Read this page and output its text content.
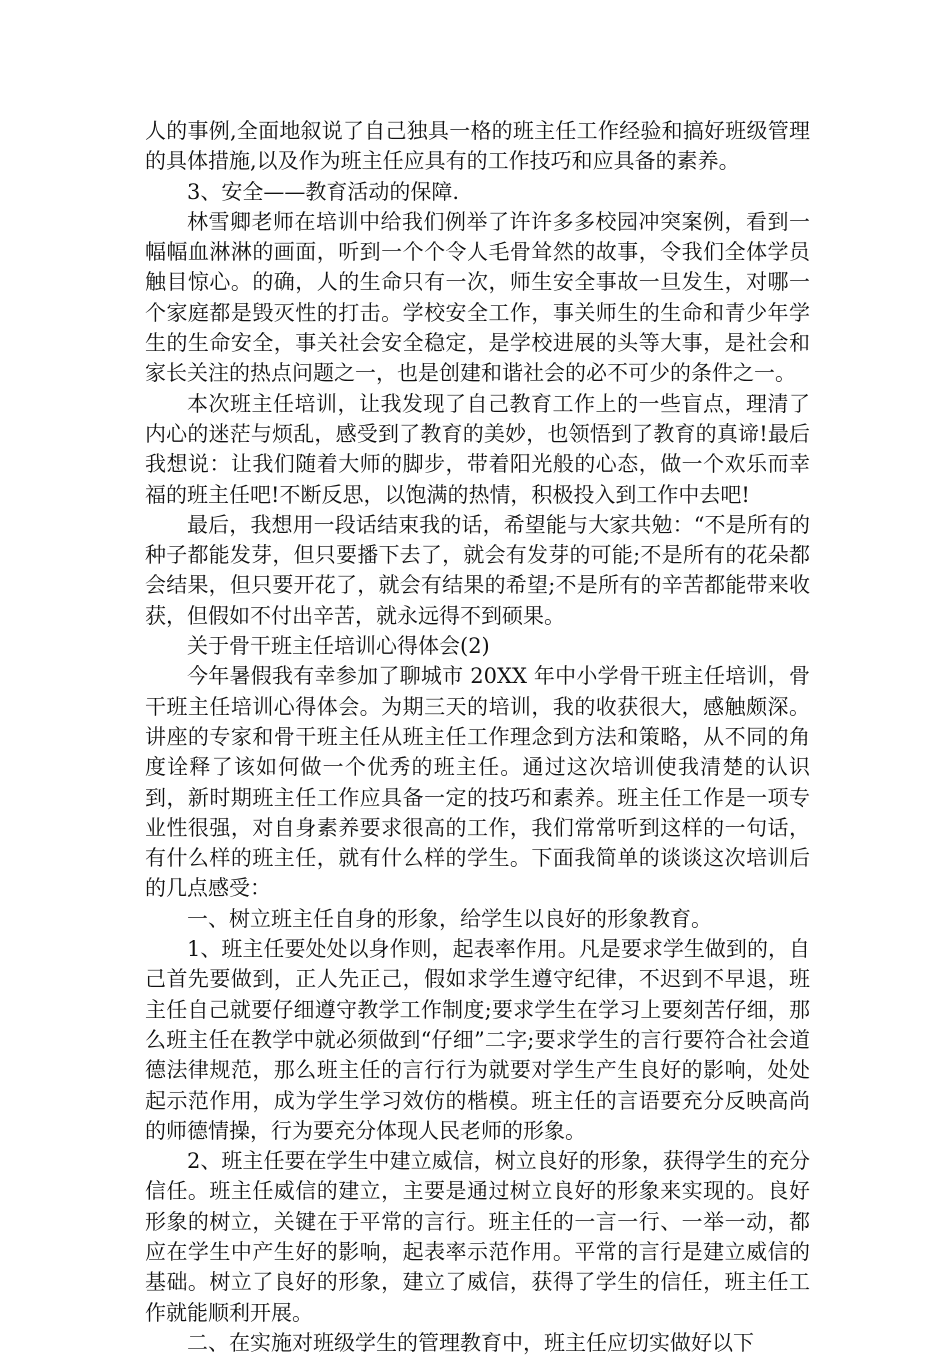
人的事例,全面地叙说了自己独具一格的班主任工作经验和搞好班级管理的具体措施,以及作为班主任应具有的工作技巧和应具备的素养。

3、安全——教育活动的保障.

林雪卿老师在培训中给我们例举了许许多多校园冲突案例，看到一幅幅血淋淋的画面，听到一个个令人毛骨耸然的故事，令我们全体学员触目惊心。的确，人的生命只有一次，师生安全事故一旦发生，对哪一个家庭都是毁灭性的打击。学校安全工作，事关师生的生命和青少年学生的生命安全，事关社会安全稳定，是学校进展的头等大事，是社会和家长关注的热点问题之一，也是创建和谐社会的必不可少的条件之一。

本次班主任培训，让我发现了自己教育工作上的一些盲点，理清了内心的迷茫与烦乱，感受到了教育的美妙，也领悟到了教育的真谛!最后我想说：让我们随着大师的脚步，带着阳光般的心态，做一个欢乐而幸福的班主任吧!不断反思，以饱满的热情，积极投入到工作中去吧!

最后，我想用一段话结束我的话，希望能与大家共勉：“不是所有的种子都能发芽，但只要播下去了，就会有发芽的可能;不是所有的花朵都会结果，但只要开花了，就会有结果的希望;不是所有的辛苦都能带来收获，但假如不付出辛苦，就永远得不到硕果。

关于骨干班主任培训心得体会(2)

今年暑假我有幸参加了聊城市 20XX 年中小学骨干班主任培训，骨干班主任培训心得体会。为期三天的培训，我的收获很大，感触颇深。讲座的专家和骨干班主任从班主任工作理念到方法和策略，从不同的角度诠释了该如何做一个优秀的班主任。通过这次培训使我清楚的认识到，新时期班主任工作应具备一定的技巧和素养。班主任工作是一项专业性很强，对自身素养要求很高的工作，我们常常听到这样的一句话，有什么样的班主任，就有什么样的学生。下面我简单的谈谈这次培训后的几点感受：

一、树立班主任自身的形象，给学生以良好的形象教育。

1、班主任要处处以身作则，起表率作用。凡是要求学生做到的，自己首先要做到，正人先正己，假如求学生遵守纪律，不迟到不早退，班主任自己就要仔细遵守教学工作制度;要求学生在学习上要刻苦仔细，那么班主任在教学中就必须做到“仔细”二字;要求学生的言行要符合社会道德法律规范，那么班主任的言行行为就要对学生产生良好的影响，处处起示范作用，成为学生学习效仿的楷模。班主任的言语要充分反映高尚的师德情操，行为要充分体现人民老师的形象。

2、班主任要在学生中建立威信，树立良好的形象，获得学生的充分信任。班主任威信的建立，主要是通过树立良好的形象来实现的。良好形象的树立，关键在于平常的言行。班主任的一言一行、一举一动，都应在学生中产生好的影响，起表率示范作用。平常的言行是建立威信的基础。树立了良好的形象，建立了威信，获得了学生的信任，班主任工作就能顺利开展。

二、在实施对班级学生的管理教育中，班主任应切实做好以下
